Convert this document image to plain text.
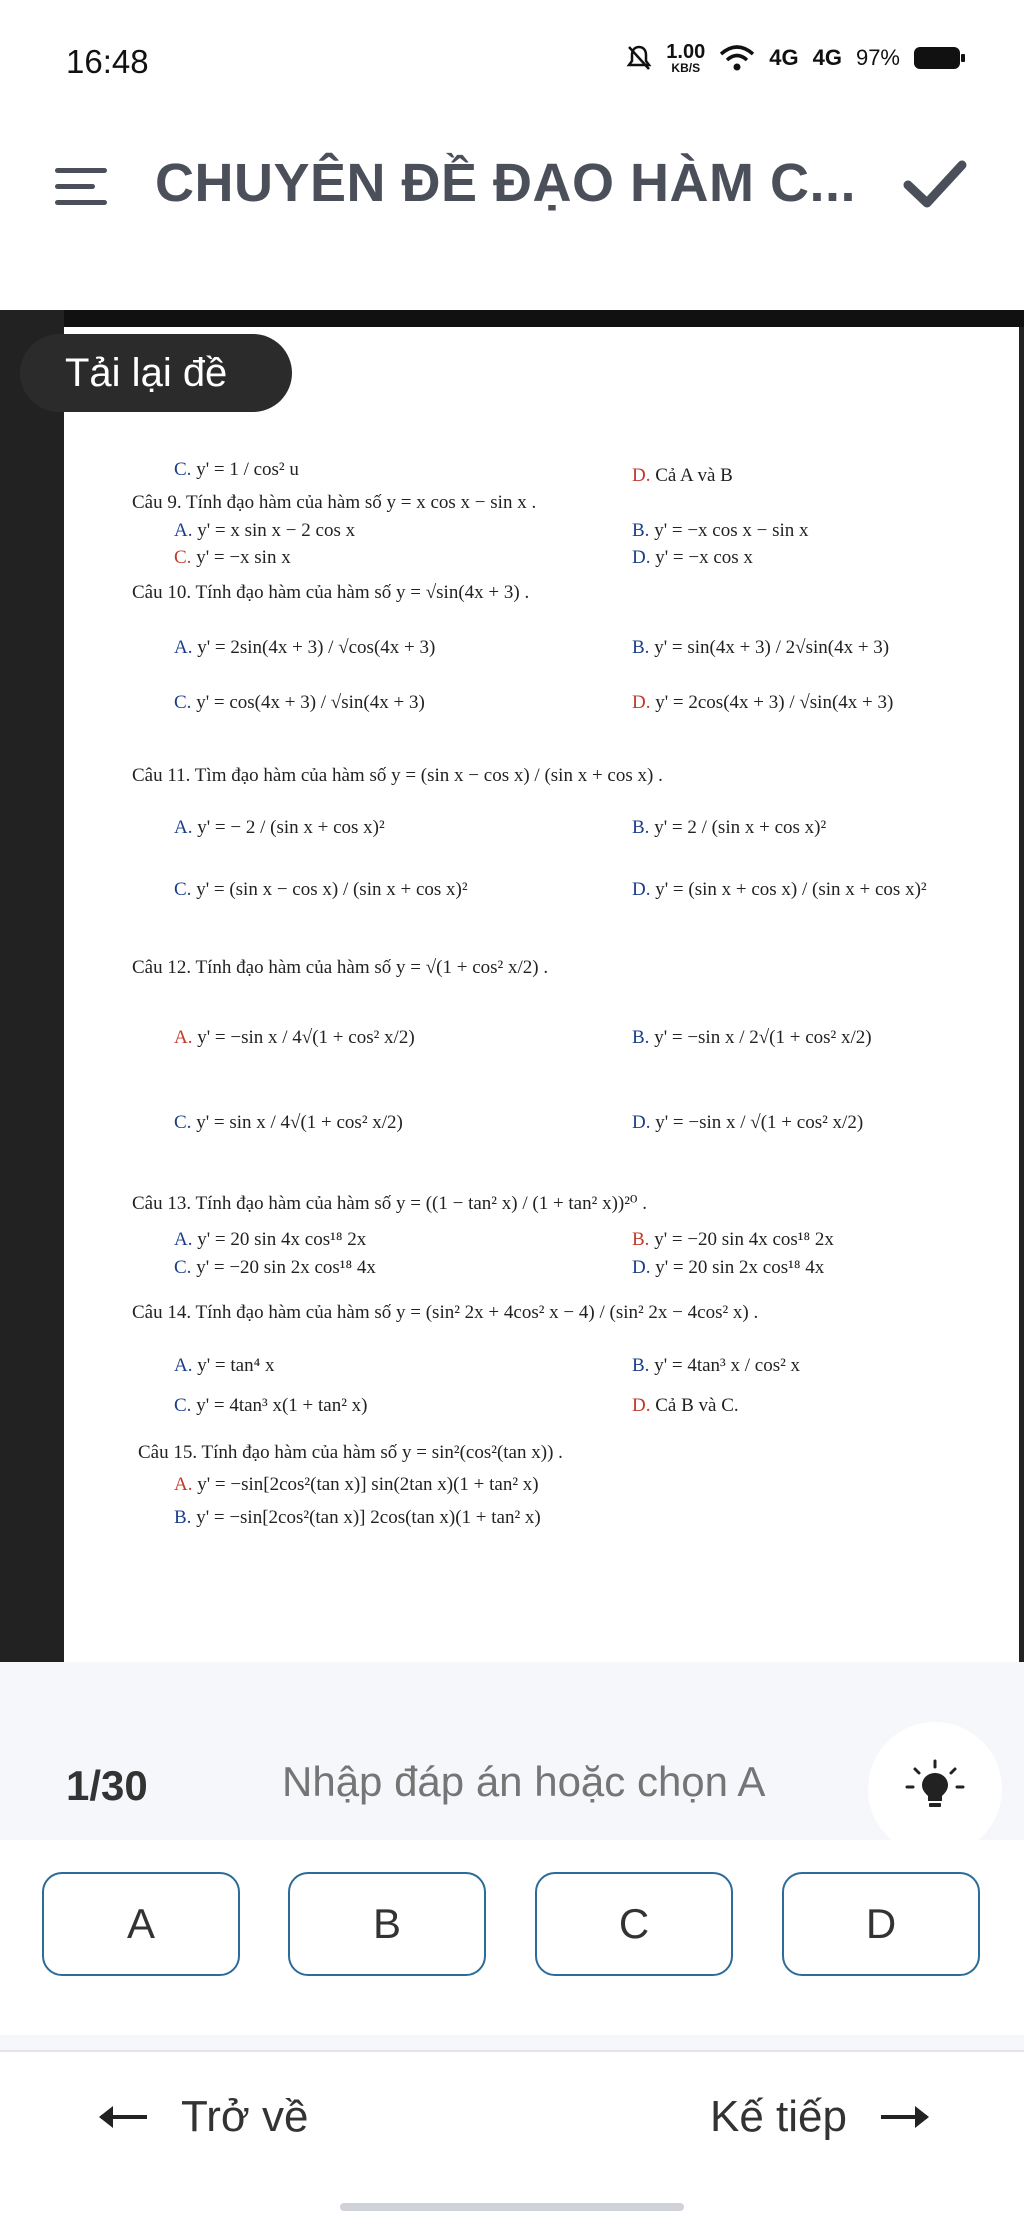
16:48	1.00
KB/S	4G 4G 97%
CHUYÊN ĐỀ ĐẠO HÀM C...
C. y' = 1 / cos² u	D. Cả A và B
Câu 9. Tính đạo hàm của hàm số y = x cos x − sin x .
A. y' = x sin x − 2 cos x	B. y' = −x cos x − sin x
C. y' = −x sin x	D. y' = −x cos x
Câu 10. Tính đạo hàm của hàm số y = √sin(4x + 3) .
A. y' = 2sin(4x + 3) / √cos(4x + 3)	B. y' = sin(4x + 3) / 2√sin(4x + 3)
C. y' = cos(4x + 3) / √sin(4x + 3)	D. y' = 2cos(4x + 3) / √sin(4x + 3)
Câu 11. Tìm đạo hàm của hàm số y = (sin x − cos x) / (sin x + cos x) .
A. y' = − 2 / (sin x + cos x)²	B. y' = 2 / (sin x + cos x)²
C. y' = (sin x − cos x) / (sin x + cos x)²	D. y' = (sin x + cos x) / (sin x + cos x)²
Câu 12. Tính đạo hàm của hàm số y = √(1 + cos² x/2) .
A. y' = −sin x / 4√(1 + cos² x/2)	B. y' = −sin x / 2√(1 + cos² x/2)
C. y' = sin x / 4√(1 + cos² x/2)	D. y' = −sin x / √(1 + cos² x/2)
Câu 13. Tính đạo hàm của hàm số y = ((1 − tan² x) / (1 + tan² x))²⁰ .
A. y' = 20 sin 4x cos¹⁸ 2x	B. y' = −20 sin 4x cos¹⁸ 2x
C. y' = −20 sin 2x cos¹⁸ 4x	D. y' = 20 sin 2x cos¹⁸ 4x
Câu 14. Tính đạo hàm của hàm số y = (sin² 2x + 4cos² x − 4) / (sin² 2x − 4cos² x) .
A. y' = tan⁴ x	B. y' = 4tan³ x / cos² x
C. y' = 4tan³ x(1 + tan² x)	D. Cả B và C.
Câu 15. Tính đạo hàm của hàm số y = sin²(cos²(tan x)) .
A. y' = −sin[2cos²(tan x)] sin(2tan x)(1 + tan² x)
B. y' = −sin[2cos²(tan x)] 2cos(tan x)(1 + tan² x)
Tải lại đề
1/30
Nhập đáp án hoặc chọn A
A	B	C	D
Trở về	Kế tiếp
